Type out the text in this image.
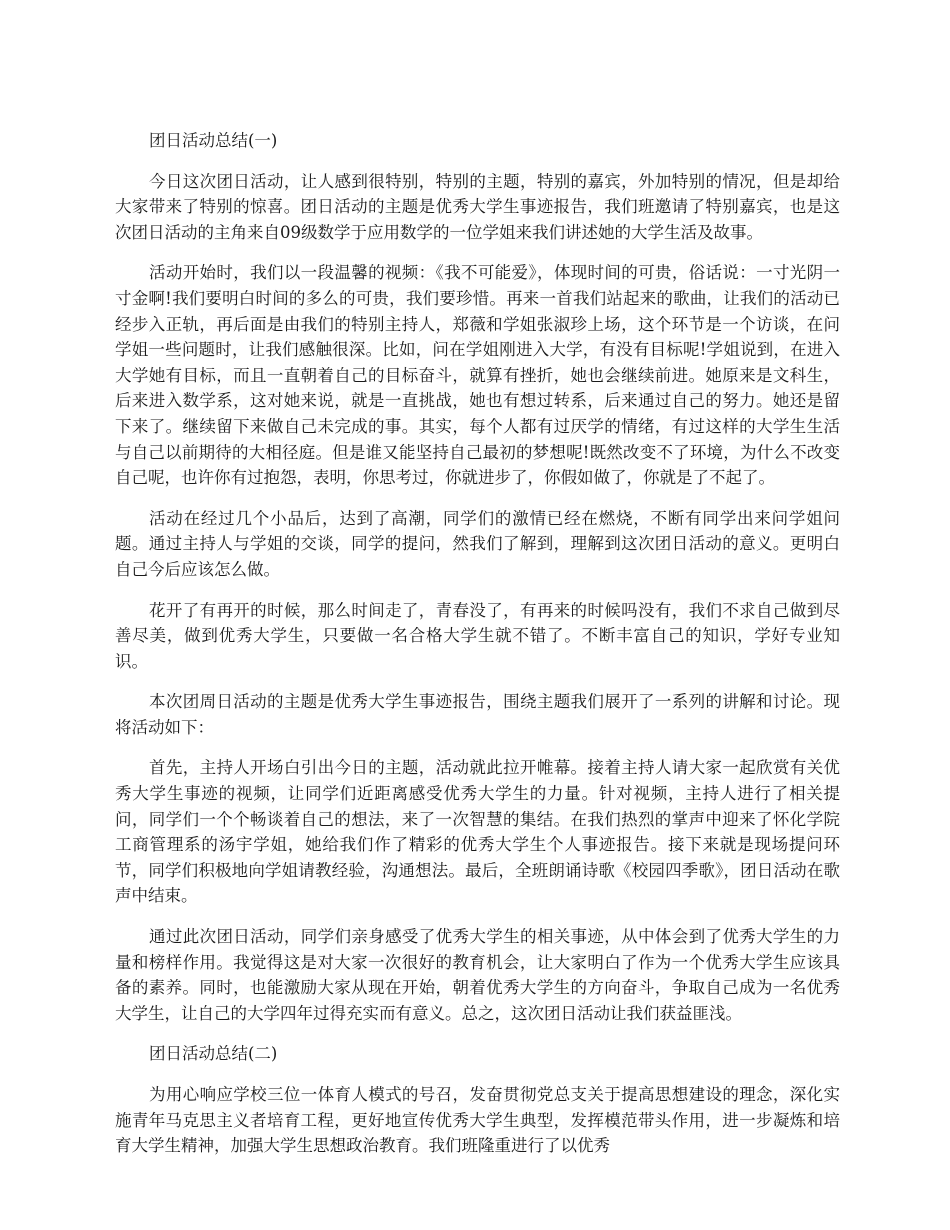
团日活动总结(一)

今日这次团日活动，让人感到很特别，特别的主题，特别的嘉宾，外加特别的情况，但是却给大家带来了特别的惊喜。团日活动的主题是优秀大学生事迹报告，我们班邀请了特别嘉宾，也是这次团日活动的主角来自09级数学于应用数学的一位学姐来我们讲述她的大学生活及故事。

活动开始时，我们以一段温馨的视频：《我不可能爱》，体现时间的可贵，俗话说：一寸光阴一寸金啊!我们要明白时间的多么的可贵，我们要珍惜。再来一首我们站起来的歌曲，让我们的活动已经步入正轨，再后面是由我们的特别主持人，郑薇和学姐张淑珍上场，这个环节是一个访谈，在问学姐一些问题时，让我们感触很深。比如，问在学姐刚进入大学，有没有目标呢!学姐说到，在进入大学她有目标，而且一直朝着自己的目标奋斗，就算有挫折，她也会继续前进。她原来是文科生，后来进入数学系，这对她来说，就是一直挑战，她也有想过转系，后来通过自己的努力。她还是留下来了。继续留下来做自己未完成的事。其实，每个人都有过厌学的情绪，有过这样的大学生生活与自己以前期待的大相径庭。但是谁又能坚持自己最初的梦想呢!既然改变不了环境，为什么不改变自己呢，也许你有过抱怨，表明，你思考过，你就进步了，你假如做了，你就是了不起了。

活动在经过几个小品后，达到了高潮，同学们的激情已经在燃烧，不断有同学出来问学姐问题。通过主持人与学姐的交谈，同学的提问，然我们了解到，理解到这次团日活动的意义。更明白自己今后应该怎么做。

花开了有再开的时候，那么时间走了，青春没了，有再来的时候吗没有，我们不求自己做到尽善尽美，做到优秀大学生，只要做一名合格大学生就不错了。不断丰富自己的知识，学好专业知识。

本次团周日活动的主题是优秀大学生事迹报告，围绕主题我们展开了一系列的讲解和讨论。现将活动如下：

首先，主持人开场白引出今日的主题，活动就此拉开帷幕。接着主持人请大家一起欣赏有关优秀大学生事迹的视频，让同学们近距离感受优秀大学生的力量。针对视频，主持人进行了相关提问，同学们一个个畅谈着自己的想法，来了一次智慧的集结。在我们热烈的掌声中迎来了怀化学院工商管理系的汤宇学姐，她给我们作了精彩的优秀大学生个人事迹报告。接下来就是现场提问环节，同学们积极地向学姐请教经验，沟通想法。最后，全班朗诵诗歌《校园四季歌》，团日活动在歌声中结束。

通过此次团日活动，同学们亲身感受了优秀大学生的相关事迹，从中体会到了优秀大学生的力量和榜样作用。我觉得这是对大家一次很好的教育机会，让大家明白了作为一个优秀大学生应该具备的素养。同时，也能激励大家从现在开始，朝着优秀大学生的方向奋斗，争取自己成为一名优秀大学生，让自己的大学四年过得充实而有意义。总之，这次团日活动让我们获益匪浅。

团日活动总结(二)

为用心响应学校三位一体育人模式的号召，发奋贯彻党总支关于提高思想建设的理念，深化实施青年马克思主义者培育工程，更好地宣传优秀大学生典型，发挥模范带头作用，进一步凝炼和培育大学生精神，加强大学生思想政治教育。我们班隆重进行了以优秀
